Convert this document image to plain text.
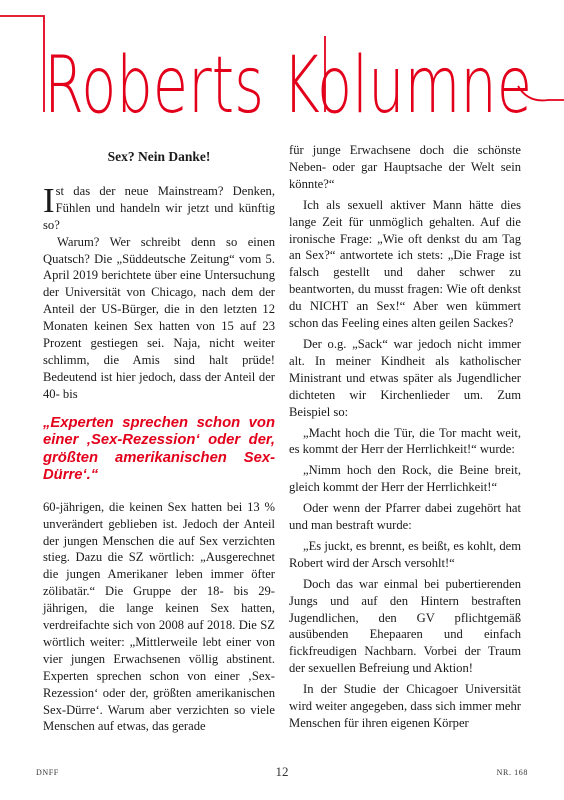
Roberts Kolumne
Sex? Nein Danke!

Ist das der neue Mainstream? Denken, Fühlen und handeln wir jetzt und künftig so?

Warum? Wer schreibt denn so einen Quatsch? Die „Süddeutsche Zeitung“ vom 5. April 2019 berichtete über eine Untersuchung der Universität von Chicago, nach dem der Anteil der US-Bürger, die in den letzten 12 Monaten keinen Sex hatten von 15 auf 23 Prozent gestiegen sei. Naja, nicht weiter schlimm, die Amis sind halt prüde! Bedeutend ist hier jedoch, dass der Anteil der 40- bis

„Experten sprechen schon von einer ‚Sex-Rezession‘ oder der, größten amerikanischen Sex-Dürre‘.“

60-jährigen, die keinen Sex hatten bei 13 % unverändert geblieben ist. Jedoch der Anteil der jungen Menschen die auf Sex verzichten stieg. Dazu die SZ wörtlich: „Ausgerechnet die jungen Amerikaner leben immer öfter zölibatär.“ Die Gruppe der 18- bis 29-jährigen, die lange keinen Sex hatten, verdreifachte sich von 2008 auf 2018. Die SZ wörtlich weiter: „Mittlerweile lebt einer von vier jungen Erwachsenen völlig abstinent. Experten sprechen schon von einer ‚Sex-Rezession‘ oder der, größten amerikanischen Sex-Dürre‘. Warum aber verzichten so viele Menschen auf etwas, das gerade

für junge Erwachsene doch die schönste Neben- oder gar Hauptsache der Welt sein könnte?“

Ich als sexuell aktiver Mann hätte dies lange Zeit für unmöglich gehalten. Auf die ironische Frage: „Wie oft denkst du am Tag an Sex?“ antwortete ich stets: „Die Frage ist falsch gestellt und daher schwer zu beantworten, du musst fragen: Wie oft denkst du NICHT an Sex!“ Aber wen kümmert schon das Feeling eines alten geilen Sackes?

Der o.g. „Sack“ war jedoch nicht immer alt. In meiner Kindheit als katholischer Ministrant und etwas später als Jugendlicher dichteten wir Kirchenlieder um. Zum Beispiel so:

„Macht hoch die Tür, die Tor macht weit, es kommt der Herr der Herrlichkeit!“ wurde:

„Nimm hoch den Rock, die Beine breit, gleich kommt der Herr der Herrlichkeit!“

Oder wenn der Pfarrer dabei zugehört hat und man bestraft wurde:

„Es juckt, es brennt, es beißt, es kohlt, dem Robert wird der Arsch versohlt!“

Doch das war einmal bei pubertierenden Jungs und auf den Hintern bestraften Jugendlichen, den GV pflichtgemäß ausübenden Ehepaaren und einfach fickfreudigen Nachbarn. Vorbei der Traum der sexuellen Befreiung und Aktion!

In der Studie der Chicagoer Universität wird weiter angegeben, dass sich immer mehr Menschen für ihren eigenen Körper

DNFF	12	NR. 168
